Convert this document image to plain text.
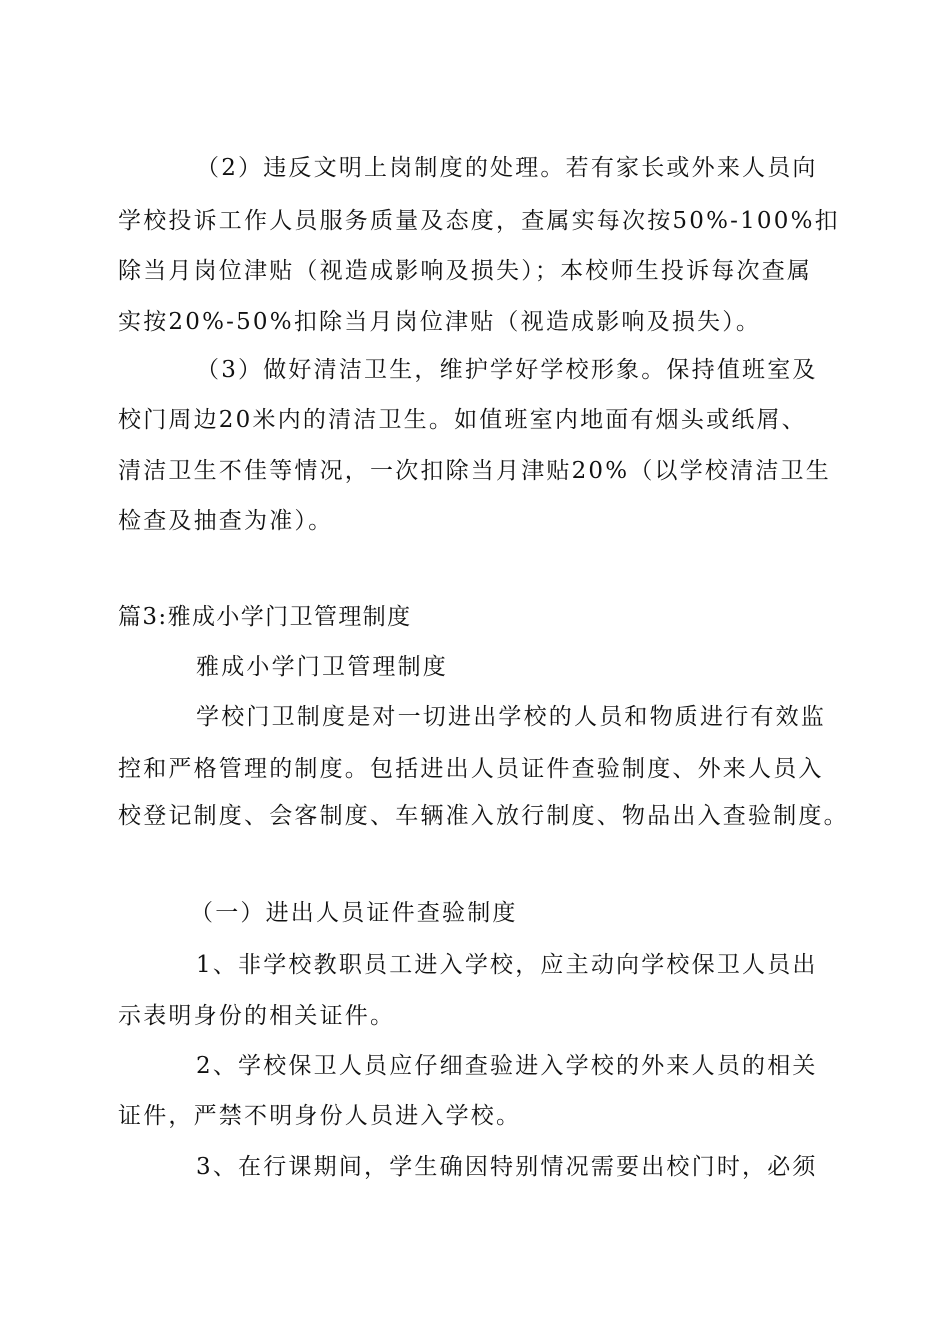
（2）违反文明上岗制度的处理。若有家长或外来人员向
学校投诉工作人员服务质量及态度，查属实每次按50%-100%扣
除当月岗位津贴（视造成影响及损失）；本校师生投诉每次查属
实按20%-50%扣除当月岗位津贴（视造成影响及损失）。
（3）做好清洁卫生，维护学好学校形象。保持值班室及
校门周边20米内的清洁卫生。如值班室内地面有烟头或纸屑、
清洁卫生不佳等情况，一次扣除当月津贴20%（以学校清洁卫生
检查及抽查为准）。
篇3:雅成小学门卫管理制度
雅成小学门卫管理制度
学校门卫制度是对一切进出学校的人员和物质进行有效监
控和严格管理的制度。包括进出人员证件查验制度、外来人员入
校登记制度、会客制度、车辆准入放行制度、物品出入查验制度。
（一）进出人员证件查验制度
1、非学校教职员工进入学校，应主动向学校保卫人员出
示表明身份的相关证件。
2、学校保卫人员应仔细查验进入学校的外来人员的相关
证件，严禁不明身份人员进入学校。
3、在行课期间，学生确因特别情况需要出校门时，必须
